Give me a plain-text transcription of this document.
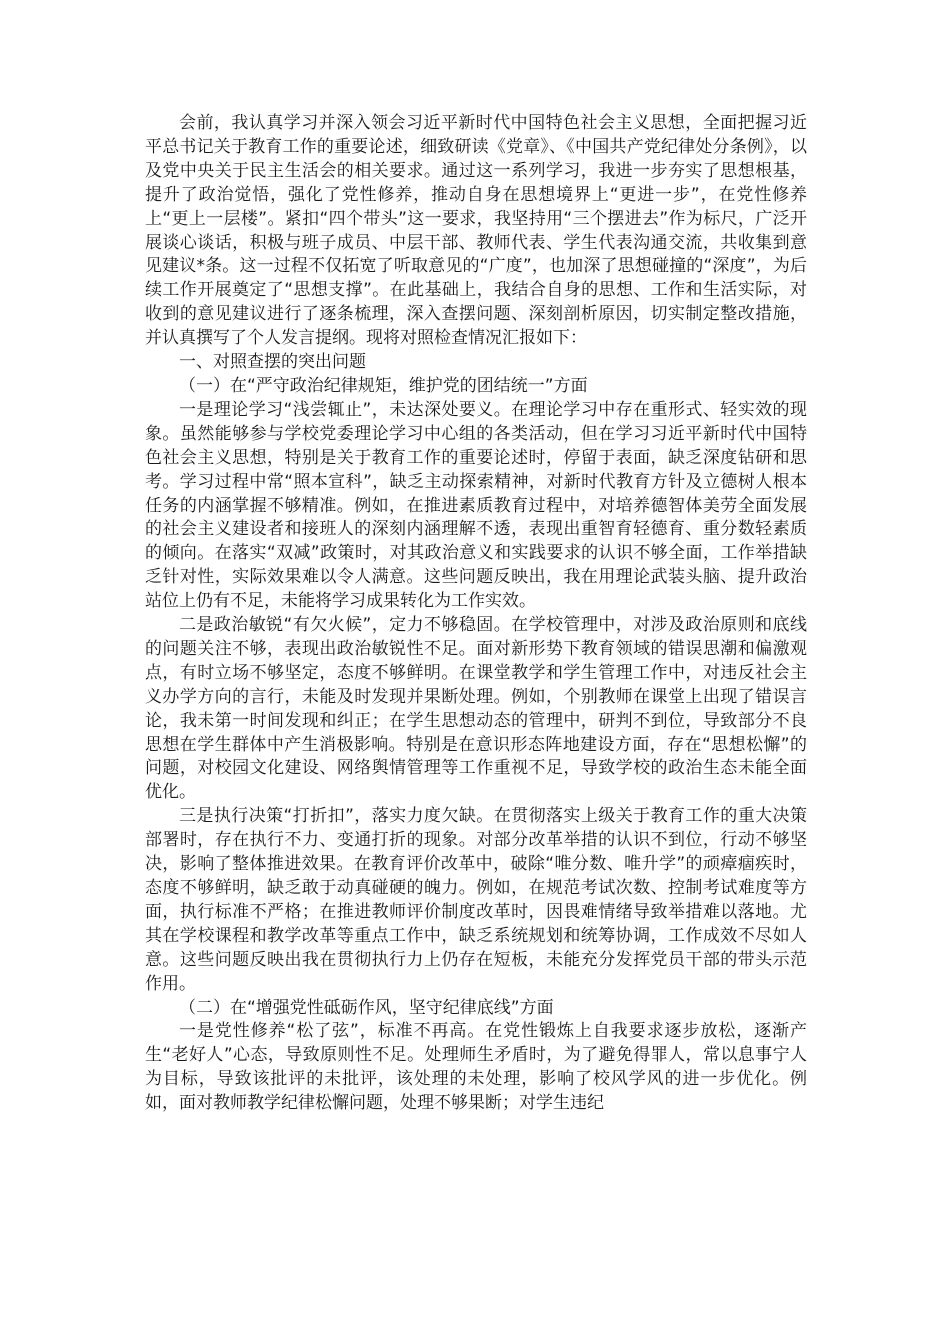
会前，我认真学习并深入领会习近平新时代中国特色社会主义思想，全面把握习近平总书记关于教育工作的重要论述，细致研读《党章》、《中国共产党纪律处分条例》，以及党中央关于民主生活会的相关要求。通过这一系列学习，我进一步夯实了思想根基，提升了政治觉悟，强化了党性修养，推动自身在思想境界上“更进一步”，在党性修养上“更上一层楼”。紧扣“四个带头”这一要求，我坚持用“三个摆进去”作为标尺，广泛开展谈心谈话，积极与班子成员、中层干部、教师代表、学生代表沟通交流，共收集到意见建议*条。这一过程不仅拓宽了听取意见的“广度”，也加深了思想碰撞的“深度”，为后续工作开展奠定了“思想支撑”。在此基础上，我结合自身的思想、工作和生活实际，对收到的意见建议进行了逐条梳理，深入查摆问题、深刻剖析原因，切实制定整改措施，并认真撰写了个人发言提纲。现将对照检查情况汇报如下：

一、对照查摆的突出问题

（一）在“严守政治纪律规矩，维护党的团结统一”方面

一是理论学习“浅尝辄止”，未达深处要义。在理论学习中存在重形式、轻实效的现象。虽然能够参与学校党委理论学习中心组的各类活动，但在学习习近平新时代中国特色社会主义思想，特别是关于教育工作的重要论述时，停留于表面，缺乏深度钻研和思考。学习过程中常“照本宣科”，缺乏主动探索精神，对新时代教育方针及立德树人根本任务的内涵掌握不够精准。例如，在推进素质教育过程中，对培养德智体美劳全面发展的社会主义建设者和接班人的深刻内涵理解不透，表现出重智育轻德育、重分数轻素质的倾向。在落实“双减”政策时，对其政治意义和实践要求的认识不够全面，工作举措缺乏针对性，实际效果难以令人满意。这些问题反映出，我在用理论武装头脑、提升政治站位上仍有不足，未能将学习成果转化为工作实效。

二是政治敏锐“有欠火候”，定力不够稳固。在学校管理中，对涉及政治原则和底线的问题关注不够，表现出政治敏锐性不足。面对新形势下教育领域的错误思潮和偏激观点，有时立场不够坚定，态度不够鲜明。在课堂教学和学生管理工作中，对违反社会主义办学方向的言行，未能及时发现并果断处理。例如，个别教师在课堂上出现了错误言论，我未第一时间发现和纠正；在学生思想动态的管理中，研判不到位，导致部分不良思想在学生群体中产生消极影响。特别是在意识形态阵地建设方面，存在“思想松懈”的问题，对校园文化建设、网络舆情管理等工作重视不足，导致学校的政治生态未能全面优化。

三是执行决策“打折扣”，落实力度欠缺。在贯彻落实上级关于教育工作的重大决策部署时，存在执行不力、变通打折的现象。对部分改革举措的认识不到位，行动不够坚决，影响了整体推进效果。在教育评价改革中，破除“唯分数、唯升学”的顽瘴痼疾时，态度不够鲜明，缺乏敢于动真碰硬的魄力。例如，在规范考试次数、控制考试难度等方面，执行标准不严格；在推进教师评价制度改革时，因畏难情绪导致举措难以落地。尤其在学校课程和教学改革等重点工作中，缺乏系统规划和统筹协调，工作成效不尽如人意。这些问题反映出我在贯彻执行力上仍存在短板，未能充分发挥党员干部的带头示范作用。

（二）在“增强党性砥砺作风，坚守纪律底线”方面

一是党性修养“松了弦”，标准不再高。在党性锻炼上自我要求逐步放松，逐渐产生“老好人”心态，导致原则性不足。处理师生矛盾时，为了避免得罪人，常以息事宁人为目标，导致该批评的未批评，该处理的未处理，影响了校风学风的进一步优化。例如，面对教师教学纪律松懈问题，处理不够果断；对学生违纪
